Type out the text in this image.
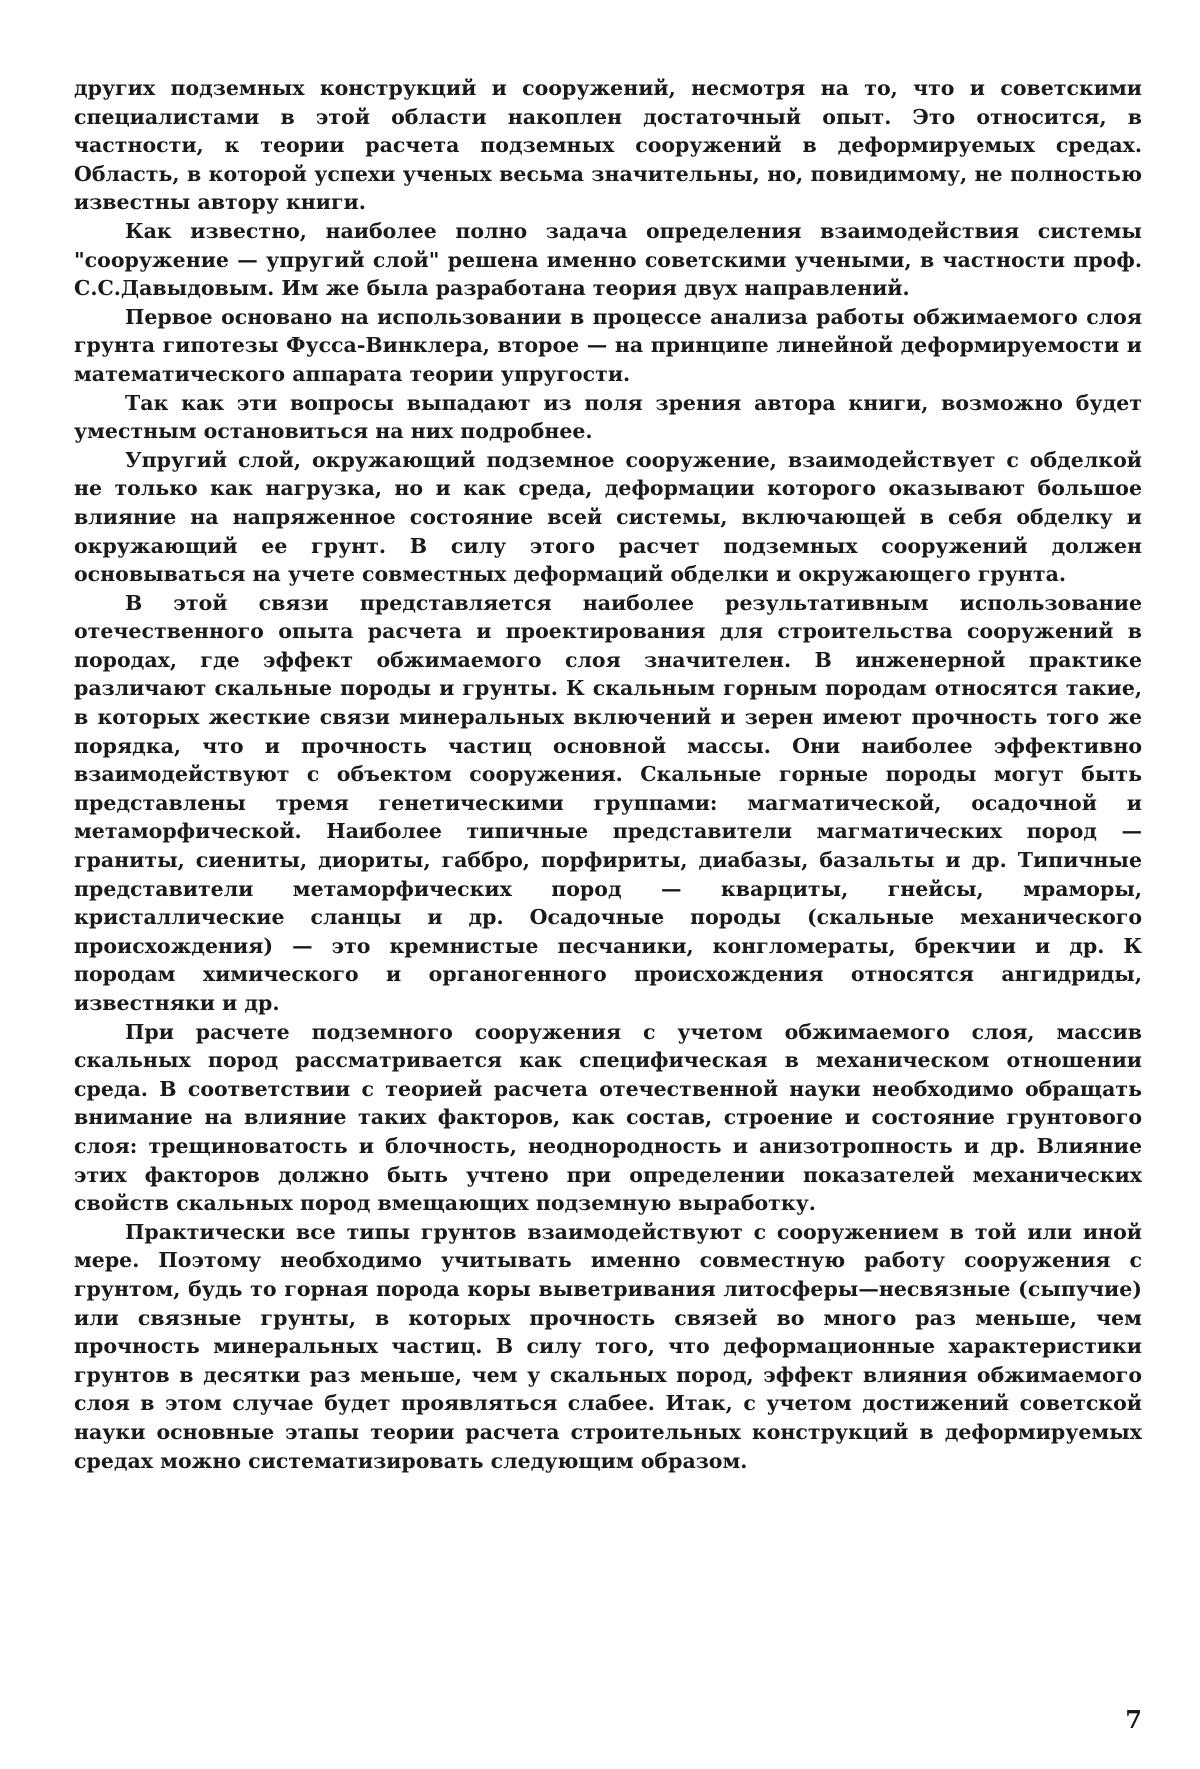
других подземных конструкций и сооружений, несмотря на то, что и советскими специалистами в этой области накоплен достаточный опыт. Это относится, в частности, к теории расчета подземных сооружений в деформируемых средах. Область, в которой успехи ученых весьма значительны, но, повидимому, не полностью известны автору книги.

Как известно, наиболее полно задача определения взаимодействия системы "сооружение — упругий слой" решена именно советскими учеными, в частности проф. С.С.Давыдовым. Им же была разработана теория двух направлений.

Первое основано на использовании в процессе анализа работы обжимаемого слоя грунта гипотезы Фусса-Винклера, второе — на принципе линейной деформируемости и математического аппарата теории упругости.

Так как эти вопросы выпадают из поля зрения автора книги, возможно будет уместным остановиться на них подробнее.

Упругий слой, окружающий подземное сооружение, взаимодействует с обделкой не только как нагрузка, но и как среда, деформации которого оказывают большое влияние на напряженное состояние всей системы, включающей в себя обделку и окружающий ее грунт. В силу этого расчет подземных сооружений должен основываться на учете совместных деформаций обделки и окружающего грунта.

В этой связи представляется наиболее результативным использование отечественного опыта расчета и проектирования для строительства сооружений в породах, где эффект обжимаемого слоя значителен. В инженерной практике различают скальные породы и грунты. К скальным горным породам относятся такие, в которых жесткие связи минеральных включений и зерен имеют прочность того же порядка, что и прочность частиц основной массы. Они наиболее эффективно взаимодействуют с объектом сооружения. Скальные горные породы могут быть представлены тремя генетическими группами: магматической, осадочной и метаморфической. Наиболее типичные представители магматических пород — граниты, сиениты, диориты, габбро, порфириты, диабазы, базальты и др. Типичные представители метаморфических пород — кварциты, гнейсы, мраморы, кристаллические сланцы и др. Осадочные породы (скальные механического происхождения) — это кремнистые песчаники, конгломераты, брекчии и др. К породам химического и органогенного происхождения относятся ангидриды, известняки и др.

При расчете подземного сооружения с учетом обжимаемого слоя, массив скальных пород рассматривается как специфическая в механическом отношении среда. В соответствии с теорией расчета отечественной науки необходимо обращать внимание на влияние таких факторов, как состав, строение и состояние грунтового слоя: трещиноватость и блочность, неоднородность и анизотропность и др. Влияние этих факторов должно быть учтено при определении показателей механических свойств скальных пород вмещающих подземную выработку.

Практически все типы грунтов взаимодействуют с сооружением в той или иной мере. Поэтому необходимо учитывать именно совместную работу сооружения с грунтом, будь то горная порода коры выветривания литосферы—несвязные (сыпучие) или связные грунты, в которых прочность связей во много раз меньше, чем прочность минеральных частиц. В силу того, что деформационные характеристики грунтов в десятки раз меньше, чем у скальных пород, эффект влияния обжимаемого слоя в этом случае будет проявляться слабее. Итак, с учетом достижений советской науки основные этапы теории расчета строительных конструкций в деформируемых средах можно систематизировать следующим образом.

7
